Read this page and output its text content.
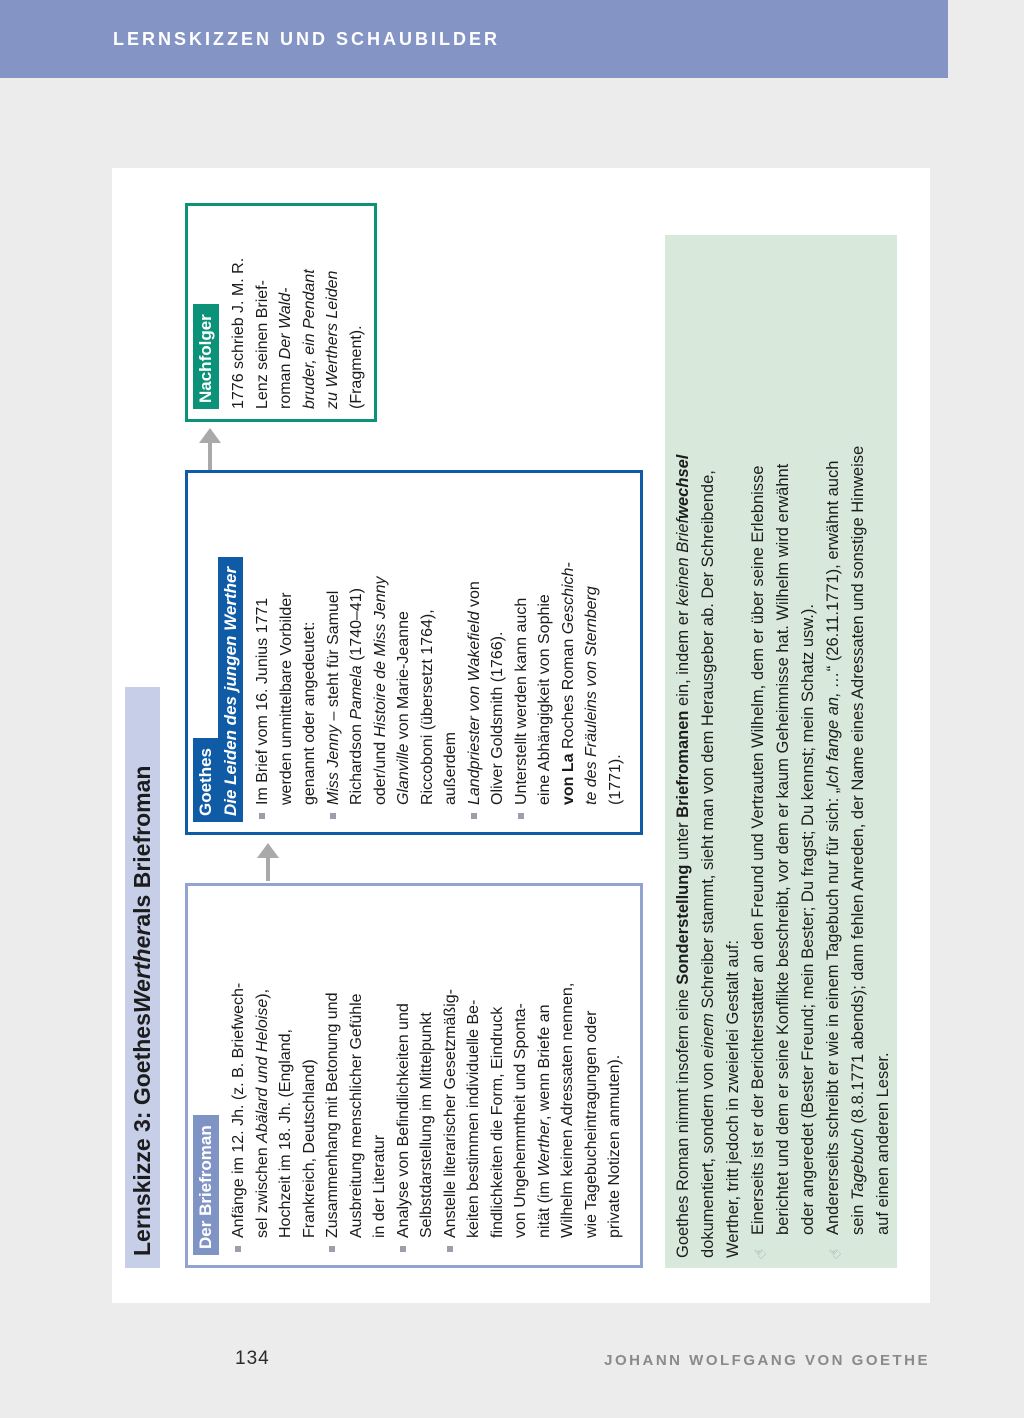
LERNSKIZZEN UND SCHAUBILDER
Lernskizze 3: Goethes
Werther
als Briefroman
Nachfolger 1776 schrieb J. M. R. Lenz seinen Brief- roman Der Wald- bruder, ein Pendant zu Werthers Leiden (Fragment).
Goethes Die Leiden des jungen Werther Im Brief vom 16. Junius 1771 werden unmittelbare Vorbilder genannt oder angedeutet: Miss Jenny – steht für Samuel
Richardson Pamela (1740–41)
oder/und Histoire de Miss Jenny
Glanville von Marie-Jeanne Riccoboni (übersetzt 1764), außerdem Landpriester von Wakefield von
Oliver Goldsmith (1766). Unterstellt werden kann auch eine Abhängigkeit von Sophie von La Roches Roman Geschich- te des Fräuleins von Sternberg (1771).
Der Briefroman Anfänge im 12. Jh. (z. B. Briefwech- sel zwischen Abälard und Heloise),
Hochzeit im 18. Jh. (England, Frankreich, Deutschland) Zusammenhang mit Betonung und Ausbreitung menschlicher Gefühle in der Literatur Analyse von Befindlichkeiten und Selbstdarstellung im Mittelpunkt Anstelle literarischer Gesetzmäßig- keiten bestimmen individuelle Be- findlichkeiten die Form, Eindruck von Ungehemmtheit und Sponta- nität (im Werther, wenn Briefe an Wilhelm keinen Adressaten nennen, wie Tagebucheintragungen oder private Notizen anmuten).	Goethes Roman nimmt insofern eine Sonderstellung unter Briefromanen ein, indem er keinen Briefwechsel
dokumentiert, sondern von einem Schreiber stammt, sieht man von dem Herausgeber ab. Der Schreibende,
Werther, tritt jedoch in zweierlei Gestalt auf: ☞
Einerseits ist er der Berichterstatter an den Freund und Vertrauten Wilhelm, dem er über seine Erlebnisse berichtet und dem er seine Konflikte beschreibt, vor dem er kaum Geheimnisse hat. Wilhelm wird erwähnt oder angeredet (Bester Freund; mein Bester; Du fragst; Du kennst; mein Schatz usw.).
☞
Andererseits schreibt er wie in einem Tagebuch nur für sich: „Ich fange an, …“ (26.11.1771), erwähnt auch
sein Tagebuch (8.8.1771 abends); dann fehlen Anreden, der Name eines Adressaten und sonstige Hinweise
auf einen anderen Leser.
134	JOHANN WOLFGANG VON GOETHE
